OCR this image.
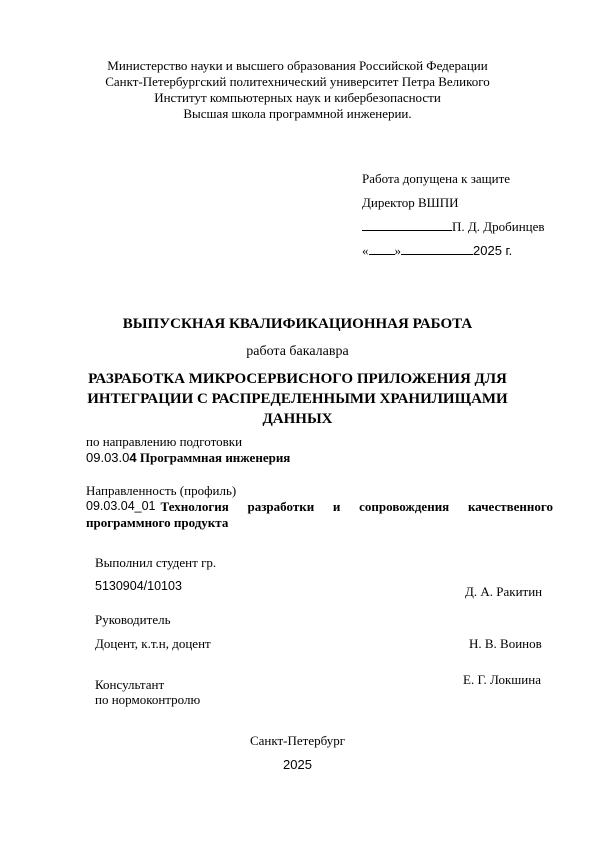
Министерство науки и высшего образования Российской Федерации
Санкт-Петербургский политехнический университет Петра Великого
Институт компьютерных наук и кибербезопасности
Высшая школа программной инженерии.
Работа допущена к защите
Директор ВШПИ
П. Д. Дробинцев
« »	2025 г.
ВЫПУСКНАЯ КВАЛИФИКАЦИОННАЯ РАБОТА
работа бакалавра
РАЗРАБОТКА МИКРОСЕРВИСНОГО ПРИЛОЖЕНИЯ ДЛЯ
ИНТЕГРАЦИИ С РАСПРЕДЕЛЕННЫМИ ХРАНИЛИЩАМИ
ДАННЫХ
по направлению подготовки
09.03.04 Программная инженерия
Направленность (профиль)
09.03.04_01 Технология разработки и сопровождения качественного
программного продукта
Выполнил студент гр.
5130904/10103	Д. А. Ракитин
Руководитель
Доцент, к.т.н, доцент	Н. В. Воинов
Консультант
по нормоконтролю
Е. Г. Локшина
Санкт-Петербург
2025
